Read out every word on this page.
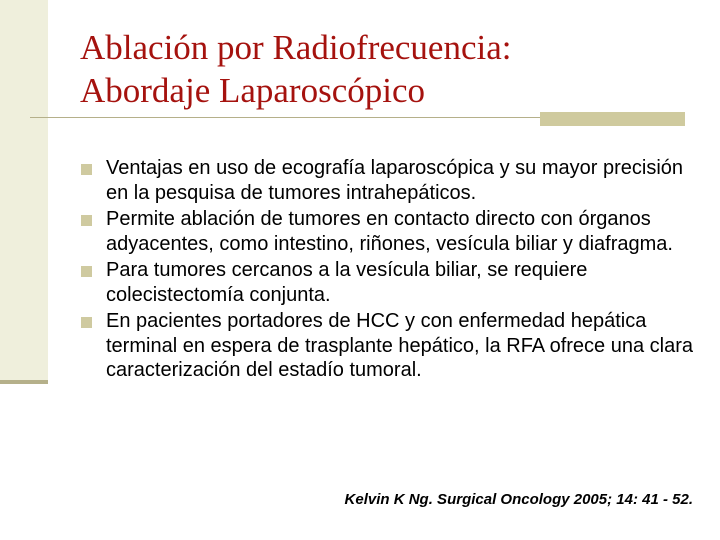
Ablación por Radiofrecuencia:
Abordaje Laparoscópico
Ventajas en uso de ecografía laparoscópica y su mayor precisión en la pesquisa de tumores intrahepáticos.
Permite ablación de tumores en contacto directo con órganos adyacentes, como intestino, riñones, vesícula biliar y diafragma.
Para tumores cercanos a la vesícula biliar, se requiere colecistectomía conjunta.
En pacientes portadores de HCC y con enfermedad hepática terminal en espera de trasplante hepático, la RFA ofrece una clara caracterización del estadío tumoral.
Kelvin K Ng. Surgical Oncology 2005; 14: 41 - 52.
